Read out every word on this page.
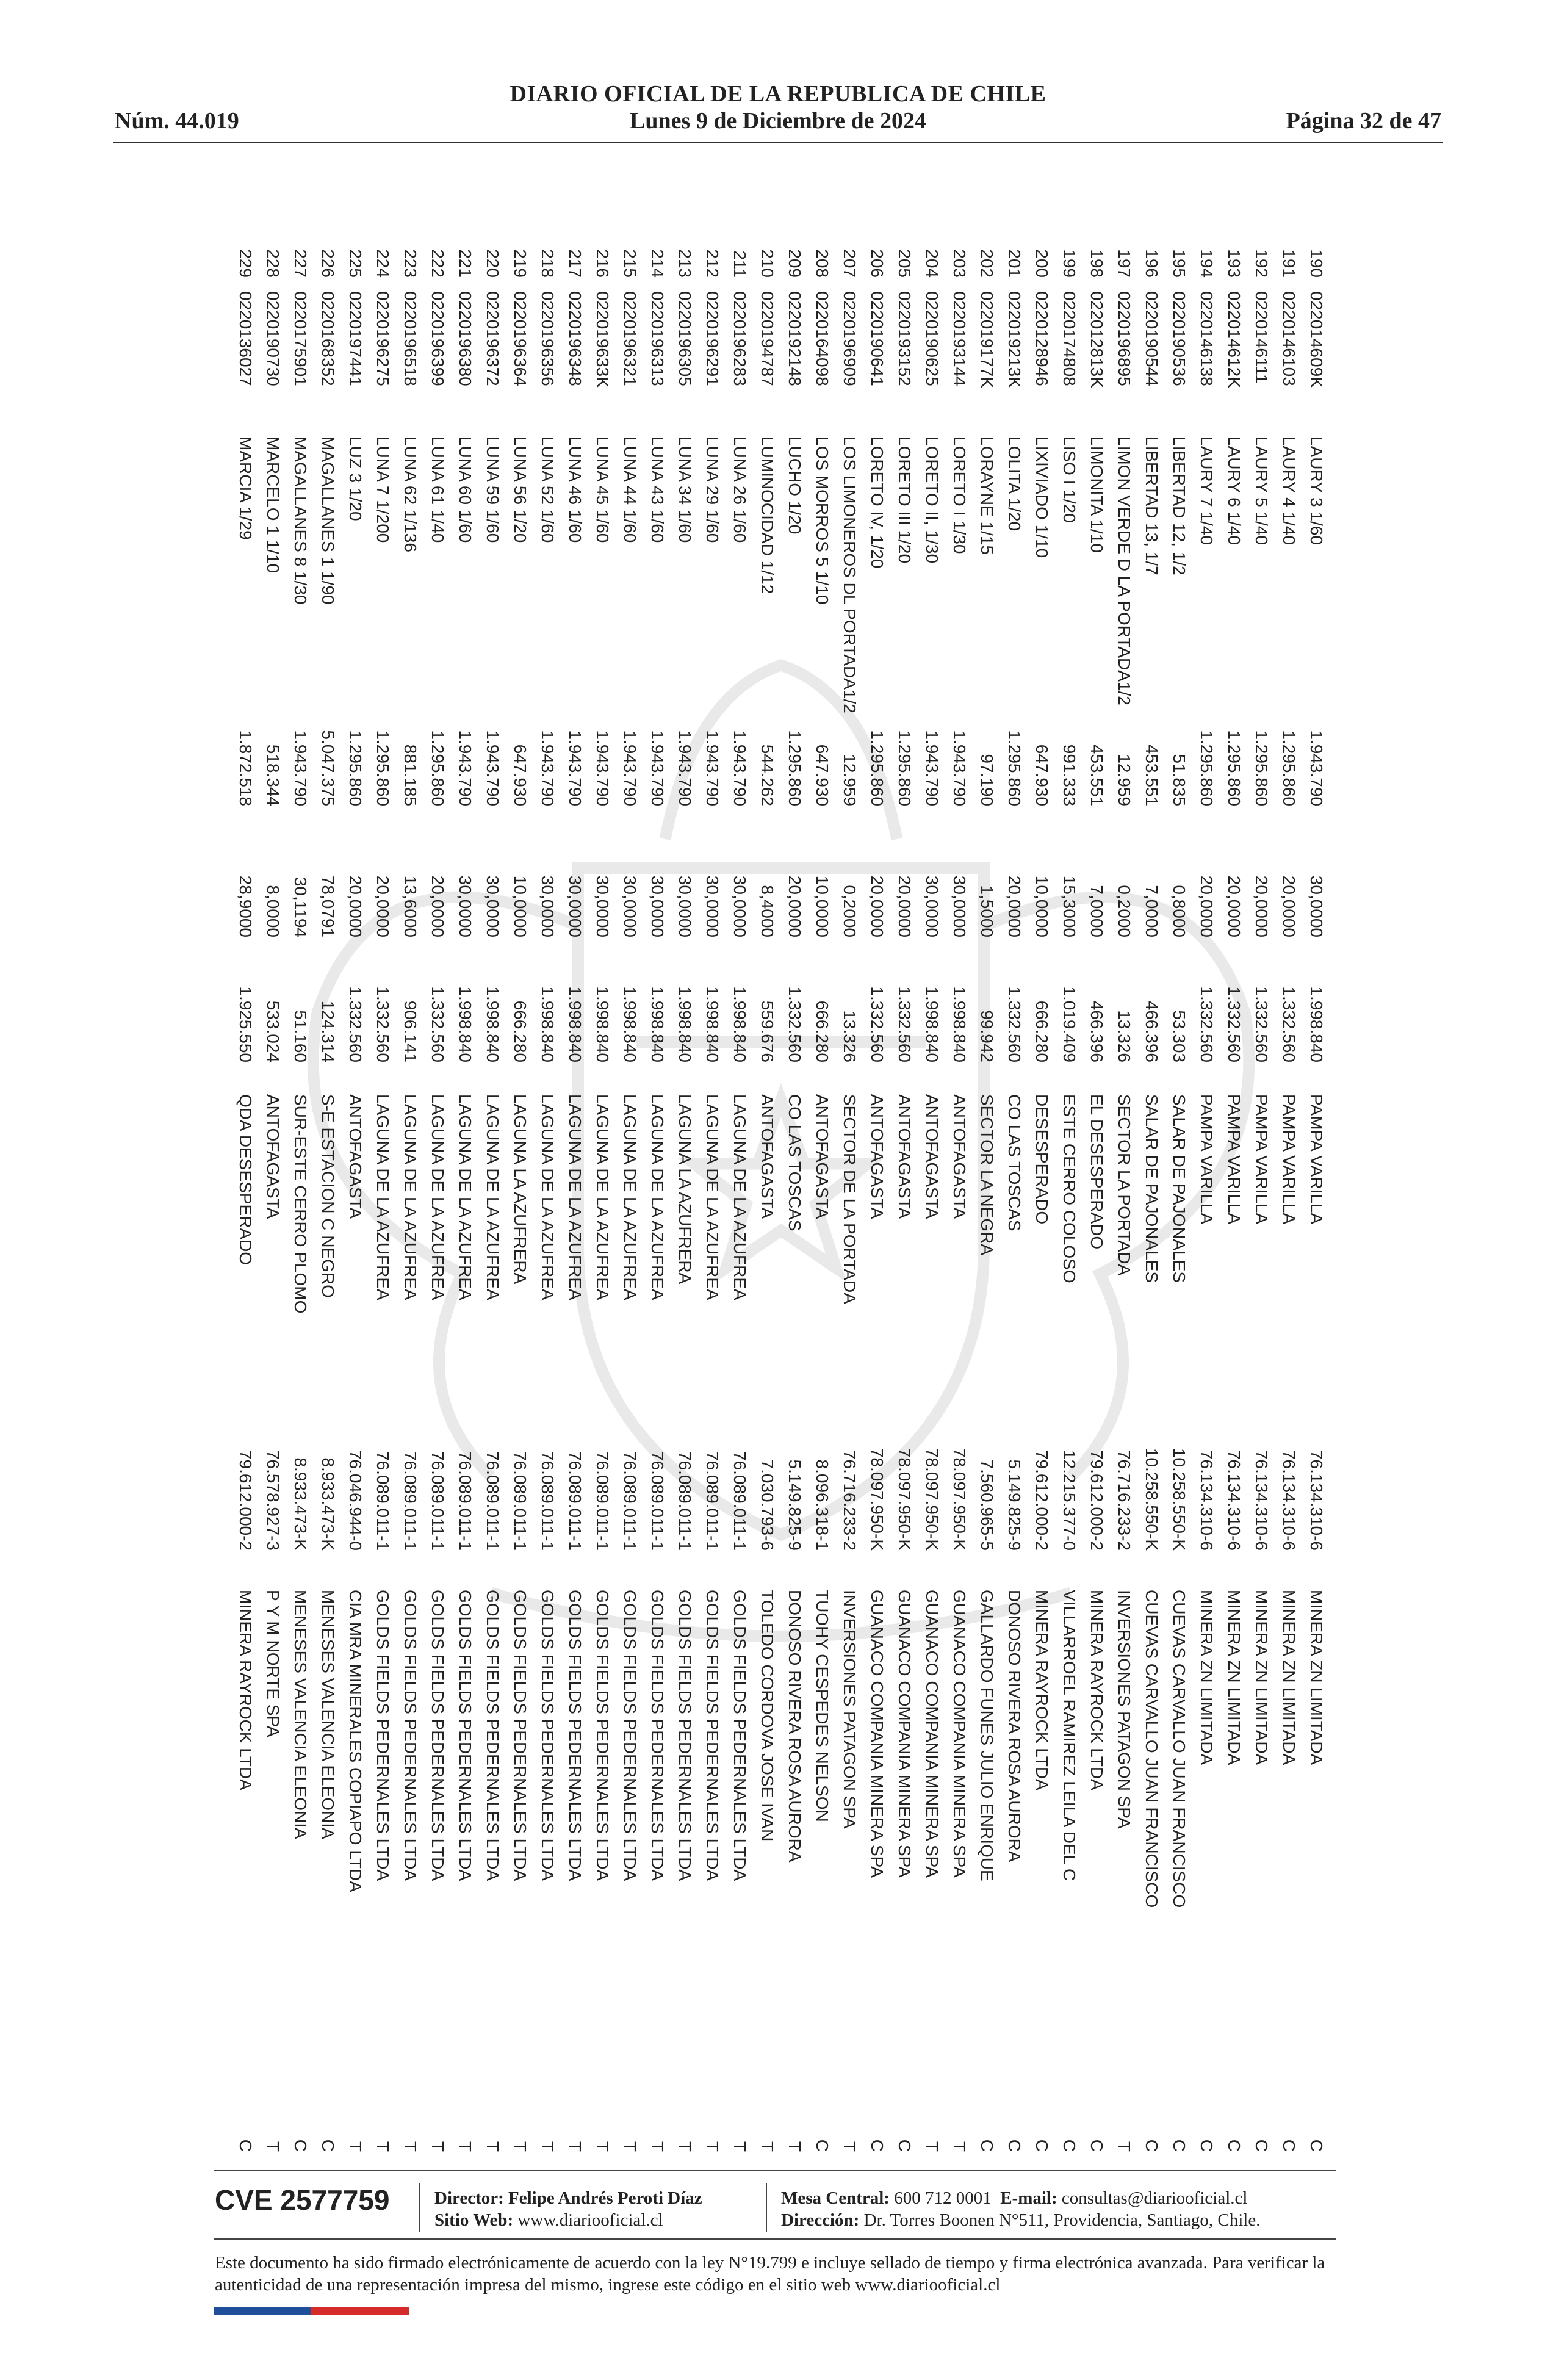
DIARIO OFICIAL DE LA REPUBLICA DE CHILE
Núm. 44.019	Lunes 9 de Diciembre de 2024	Página 32 de 47
190	022014609K	LAURY 3 1/60	1.943.790	30,0000	1.998.840	PAMPA VARILLA	76.134.310-6	MINERA ZN LIMITADA	C
191	0220146103	LAURY 4 1/40	1.295.860	20,0000	1.332.560	PAMPA VARILLA	76.134.310-6	MINERA ZN LIMITADA	C
192	0220146111	LAURY 5 1/40	1.295.860	20,0000	1.332.560	PAMPA VARILLA	76.134.310-6	MINERA ZN LIMITADA	C
193	022014612K	LAURY 6 1/40	1.295.860	20,0000	1.332.560	PAMPA VARILLA	76.134.310-6	MINERA ZN LIMITADA	C
194	0220146138	LAURY 7 1/40	1.295.860	20,0000	1.332.560	PAMPA VARILLA	76.134.310-6	MINERA ZN LIMITADA	C
195	0220190536	LIBERTAD 12, 1/2	51.835	0,8000	53.303	SALAR DE PAJONALES	10.258.550-K	CUEVAS CARVALLO JUAN FRANCISCO	C
196	0220190544	LIBERTAD 13, 1/7	453.551	7,0000	466.396	SALAR DE PAJONALES	10.258.550-K	CUEVAS CARVALLO JUAN FRANCISCO	C
197	0220196895	LIMON VERDE D LA PORTADA1/2	12.959	0,2000	13.326	SECTOR LA PORTADA	76.716.233-2	INVERSIONES PATAGON SPA	T
198	022012813K	LIMONITA 1/10	453.551	7,0000	466.396	EL DESESPERADO	79.612.000-2	MINERA RAYROCK LTDA	C
199	0220174808	LISO I 1/20	991.333	15,3000	1.019.409	ESTE CERRO COLOSO	12.215.377-0	VILLARROEL RAMIREZ LEILA DEL C	C
200	0220128946	LIXIVIADO 1/10	647.930	10,0000	666.280	DESESPERADO	79.612.000-2	MINERA RAYROCK LTDA	C
201	022019213K	LOLITA 1/20	1.295.860	20,0000	1.332.560	CO LAS TOSCAS	5.149.825-9	DONOSO RIVERA ROSA AURORA	C
202	022019177K	LORAYNE 1/15	97.190	1,5000	99.942	SECTOR LA NEGRA	7.560.965-5	GALLARDO FUNES JULIO ENRIQUE	C
203	0220193144	LORETO I 1/30	1.943.790	30,0000	1.998.840	ANTOFAGASTA	78.097.950-K	GUANACO COMPANIA MINERA SPA	T
204	0220190625	LORETO II, 1/30	1.943.790	30,0000	1.998.840	ANTOFAGASTA	78.097.950-K	GUANACO COMPANIA MINERA SPA	T
205	0220193152	LORETO III 1/20	1.295.860	20,0000	1.332.560	ANTOFAGASTA	78.097.950-K	GUANACO COMPANIA MINERA SPA	C
206	0220190641	LORETO IV, 1/20	1.295.860	20,0000	1.332.560	ANTOFAGASTA	78.097.950-K	GUANACO COMPANIA MINERA SPA	C
207	0220196909	LOS LIMONEROS DL PORTADA1/2	12.959	0,2000	13.326	SECTOR DE LA PORTADA	76.716.233-2	INVERSIONES PATAGON SPA	T
208	0220164098	LOS MORROS 5 1/10	647.930	10,0000	666.280	ANTOFAGASTA	8.096.318-1	TUOHY CESPEDES NELSON	C
209	0220192148	LUCHO 1/20	1.295.860	20,0000	1.332.560	CO LAS TOSCAS	5.149.825-9	DONOSO RIVERA ROSA AURORA	T
210	0220194787	LUMINOCIDAD 1/12	544.262	8,4000	559.676	ANTOFAGASTA	7.030.793-6	TOLEDO CORDOVA JOSE IVAN	T
211	0220196283	LUNA 26 1/60	1.943.790	30,0000	1.998.840	LAGUNA DE LA AZUFREA	76.089.011-1	GOLDS FIELDS PEDERNALES LTDA	T
212	0220196291	LUNA 29 1/60	1.943.790	30,0000	1.998.840	LAGUNA DE LA AZUFREA	76.089.011-1	GOLDS FIELDS PEDERNALES LTDA	T
213	0220196305	LUNA 34 1/60	1.943.790	30,0000	1.998.840	LAGUNA LA AZUFRERA	76.089.011-1	GOLDS FIELDS PEDERNALES LTDA	T
214	0220196313	LUNA 43 1/60	1.943.790	30,0000	1.998.840	LAGUNA DE LA AZUFREA	76.089.011-1	GOLDS FIELDS PEDERNALES LTDA	T
215	0220196321	LUNA 44 1/60	1.943.790	30,0000	1.998.840	LAGUNA DE LA AZUFREA	76.089.011-1	GOLDS FIELDS PEDERNALES LTDA	T
216	022019633K	LUNA 45 1/60	1.943.790	30,0000	1.998.840	LAGUNA DE LA AZUFREA	76.089.011-1	GOLDS FIELDS PEDERNALES LTDA	T
217	0220196348	LUNA 46 1/60	1.943.790	30,0000	1.998.840	LAGUNA DE LA AZUFREA	76.089.011-1	GOLDS FIELDS PEDERNALES LTDA	T
218	0220196356	LUNA 52 1/60	1.943.790	30,0000	1.998.840	LAGUNA DE LA AZUFREA	76.089.011-1	GOLDS FIELDS PEDERNALES LTDA	T
219	0220196364	LUNA 56 1/20	647.930	10,0000	666.280	LAGUNA LA AZUFRERA	76.089.011-1	GOLDS FIELDS PEDERNALES LTDA	T
220	0220196372	LUNA 59 1/60	1.943.790	30,0000	1.998.840	LAGUNA DE LA AZUFREA	76.089.011-1	GOLDS FIELDS PEDERNALES LTDA	T
221	0220196380	LUNA 60 1/60	1.943.790	30,0000	1.998.840	LAGUNA DE LA AZUFREA	76.089.011-1	GOLDS FIELDS PEDERNALES LTDA	T
222	0220196399	LUNA 61 1/40	1.295.860	20,0000	1.332.560	LAGUNA DE LA AZUFREA	76.089.011-1	GOLDS FIELDS PEDERNALES LTDA	T
223	0220196518	LUNA 62 1/136	881.185	13,6000	906.141	LAGUNA DE LA AZUFREA	76.089.011-1	GOLDS FIELDS PEDERNALES LTDA	T
224	0220196275	LUNA 7 1/200	1.295.860	20,0000	1.332.560	LAGUNA DE LA AZUFREA	76.089.011-1	GOLDS FIELDS PEDERNALES LTDA	T
225	0220197441	LUZ 3 1/20	1.295.860	20,0000	1.332.560	ANTOFAGASTA	76.046.944-0	CIA MRA MINERALES COPIAPO LTDA	T
226	0220168352	MAGALLANES 1 1/90	5.047.375	78,0791	124.314	S-E ESTACION C NEGRO	8.933.473-K	MENESES VALENCIA ELEONIA	C
227	0220175901	MAGALLANES 8 1/30	1.943.790	30,1194	51.160	SUR-ESTE CERRO PLOMO	8.933.473-K	MENESES VALENCIA ELEONIA	C
228	0220190730	MARCELO 1 1/10	518.344	8,0000	533.024	ANTOFAGASTA	76.578.927-3	P Y M NORTE SPA	T
229	0220136027	MARCIA 1/29	1.872.518	28,9000	1.925.550	QDA DESESPERADO	79.612.000-2	MINERA RAYROCK LTDA	C
CVE 2577759	Director: Felipe Andrés Peroti Díaz
Sitio Web: www.diariooficial.cl
Mesa Central: 600 712 0001 E-mail: consultas@diariooficial.cl
Dirección: Dr. Torres Boonen N°511, Providencia, Santiago, Chile.
Este documento ha sido firmado electrónicamente de acuerdo con la ley N°19.799 e incluye sellado de tiempo y firma electrónica avanzada. Para verificar la autenticidad de una representación impresa del mismo, ingrese este código en el sitio web www.diariooficial.cl
